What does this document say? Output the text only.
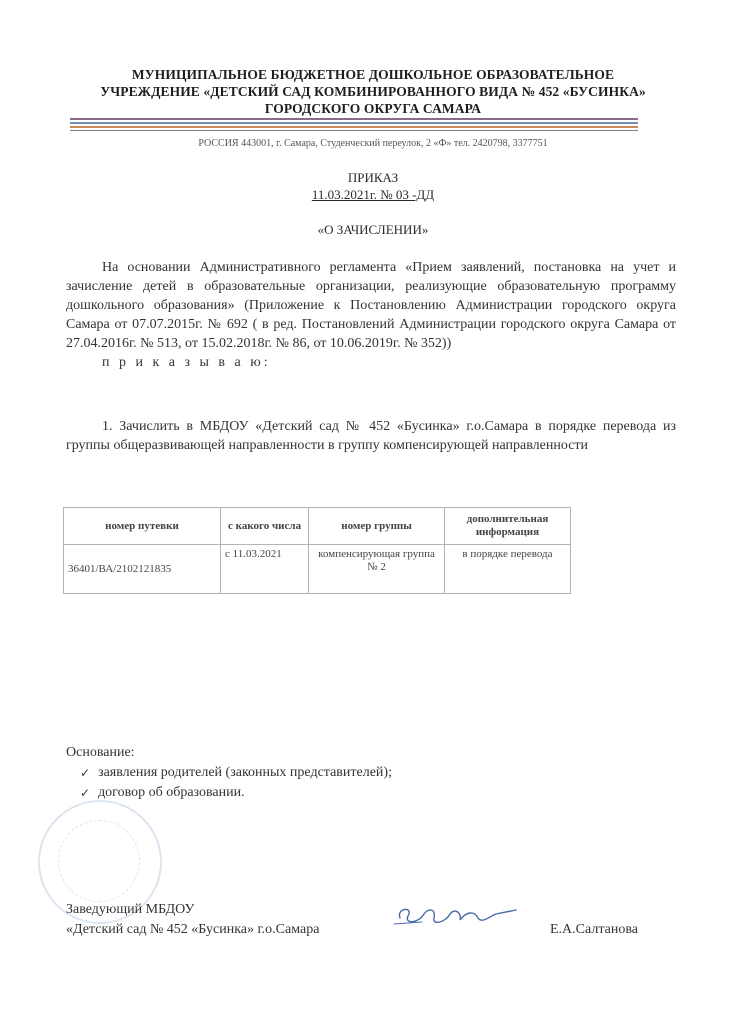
МУНИЦИПАЛЬНОЕ БЮДЖЕТНОЕ ДОШКОЛЬНОЕ ОБРАЗОВАТЕЛЬНОЕ
УЧРЕЖДЕНИЕ «ДЕТСКИЙ САД КОМБИНИРОВАННОГО ВИДА № 452 «БУСИНКА»
ГОРОДСКОГО ОКРУГА САМАРА
РОССИЯ 443001, г. Самара, Студенческий переулок, 2 «Ф» тел. 2420798, 3377751
ПРИКАЗ
11.03.2021г. № 03 -ДД
«О ЗАЧИСЛЕНИИ»

На основании Административного регламента «Прием заявлений, постановка на учет и зачисление детей в образовательные организации, реализующие образовательную программу дошкольного образования» (Приложение к Постановлению Администрации городского округа Самара от 07.07.2015г. № 692 ( в ред. Постановлений Администрации городского округа Самара от 27.04.2016г. № 513, от 15.02.2018г. № 86, от 10.06.2019г. № 352))

п р и к а з ы в а ю:

1. Зачислить в МБДОУ «Детский сад № 452 «Бусинка» г.о.Самара в порядке перевода из группы общеразвивающей направленности в группу компенсирующей направленности

номер путевки	с какого числа	номер группы	дополнительная информация
36401/ВА/2102121835	с 11.03.2021	компенсирующая группа № 2	в порядке перевода
Основание:
✓ заявления родителей (законных представителей);
✓ договор об образовании.
Заведующий МБДОУ
«Детский сад № 452 «Бусинка» г.о.Самара	Е.А.Салтанова
